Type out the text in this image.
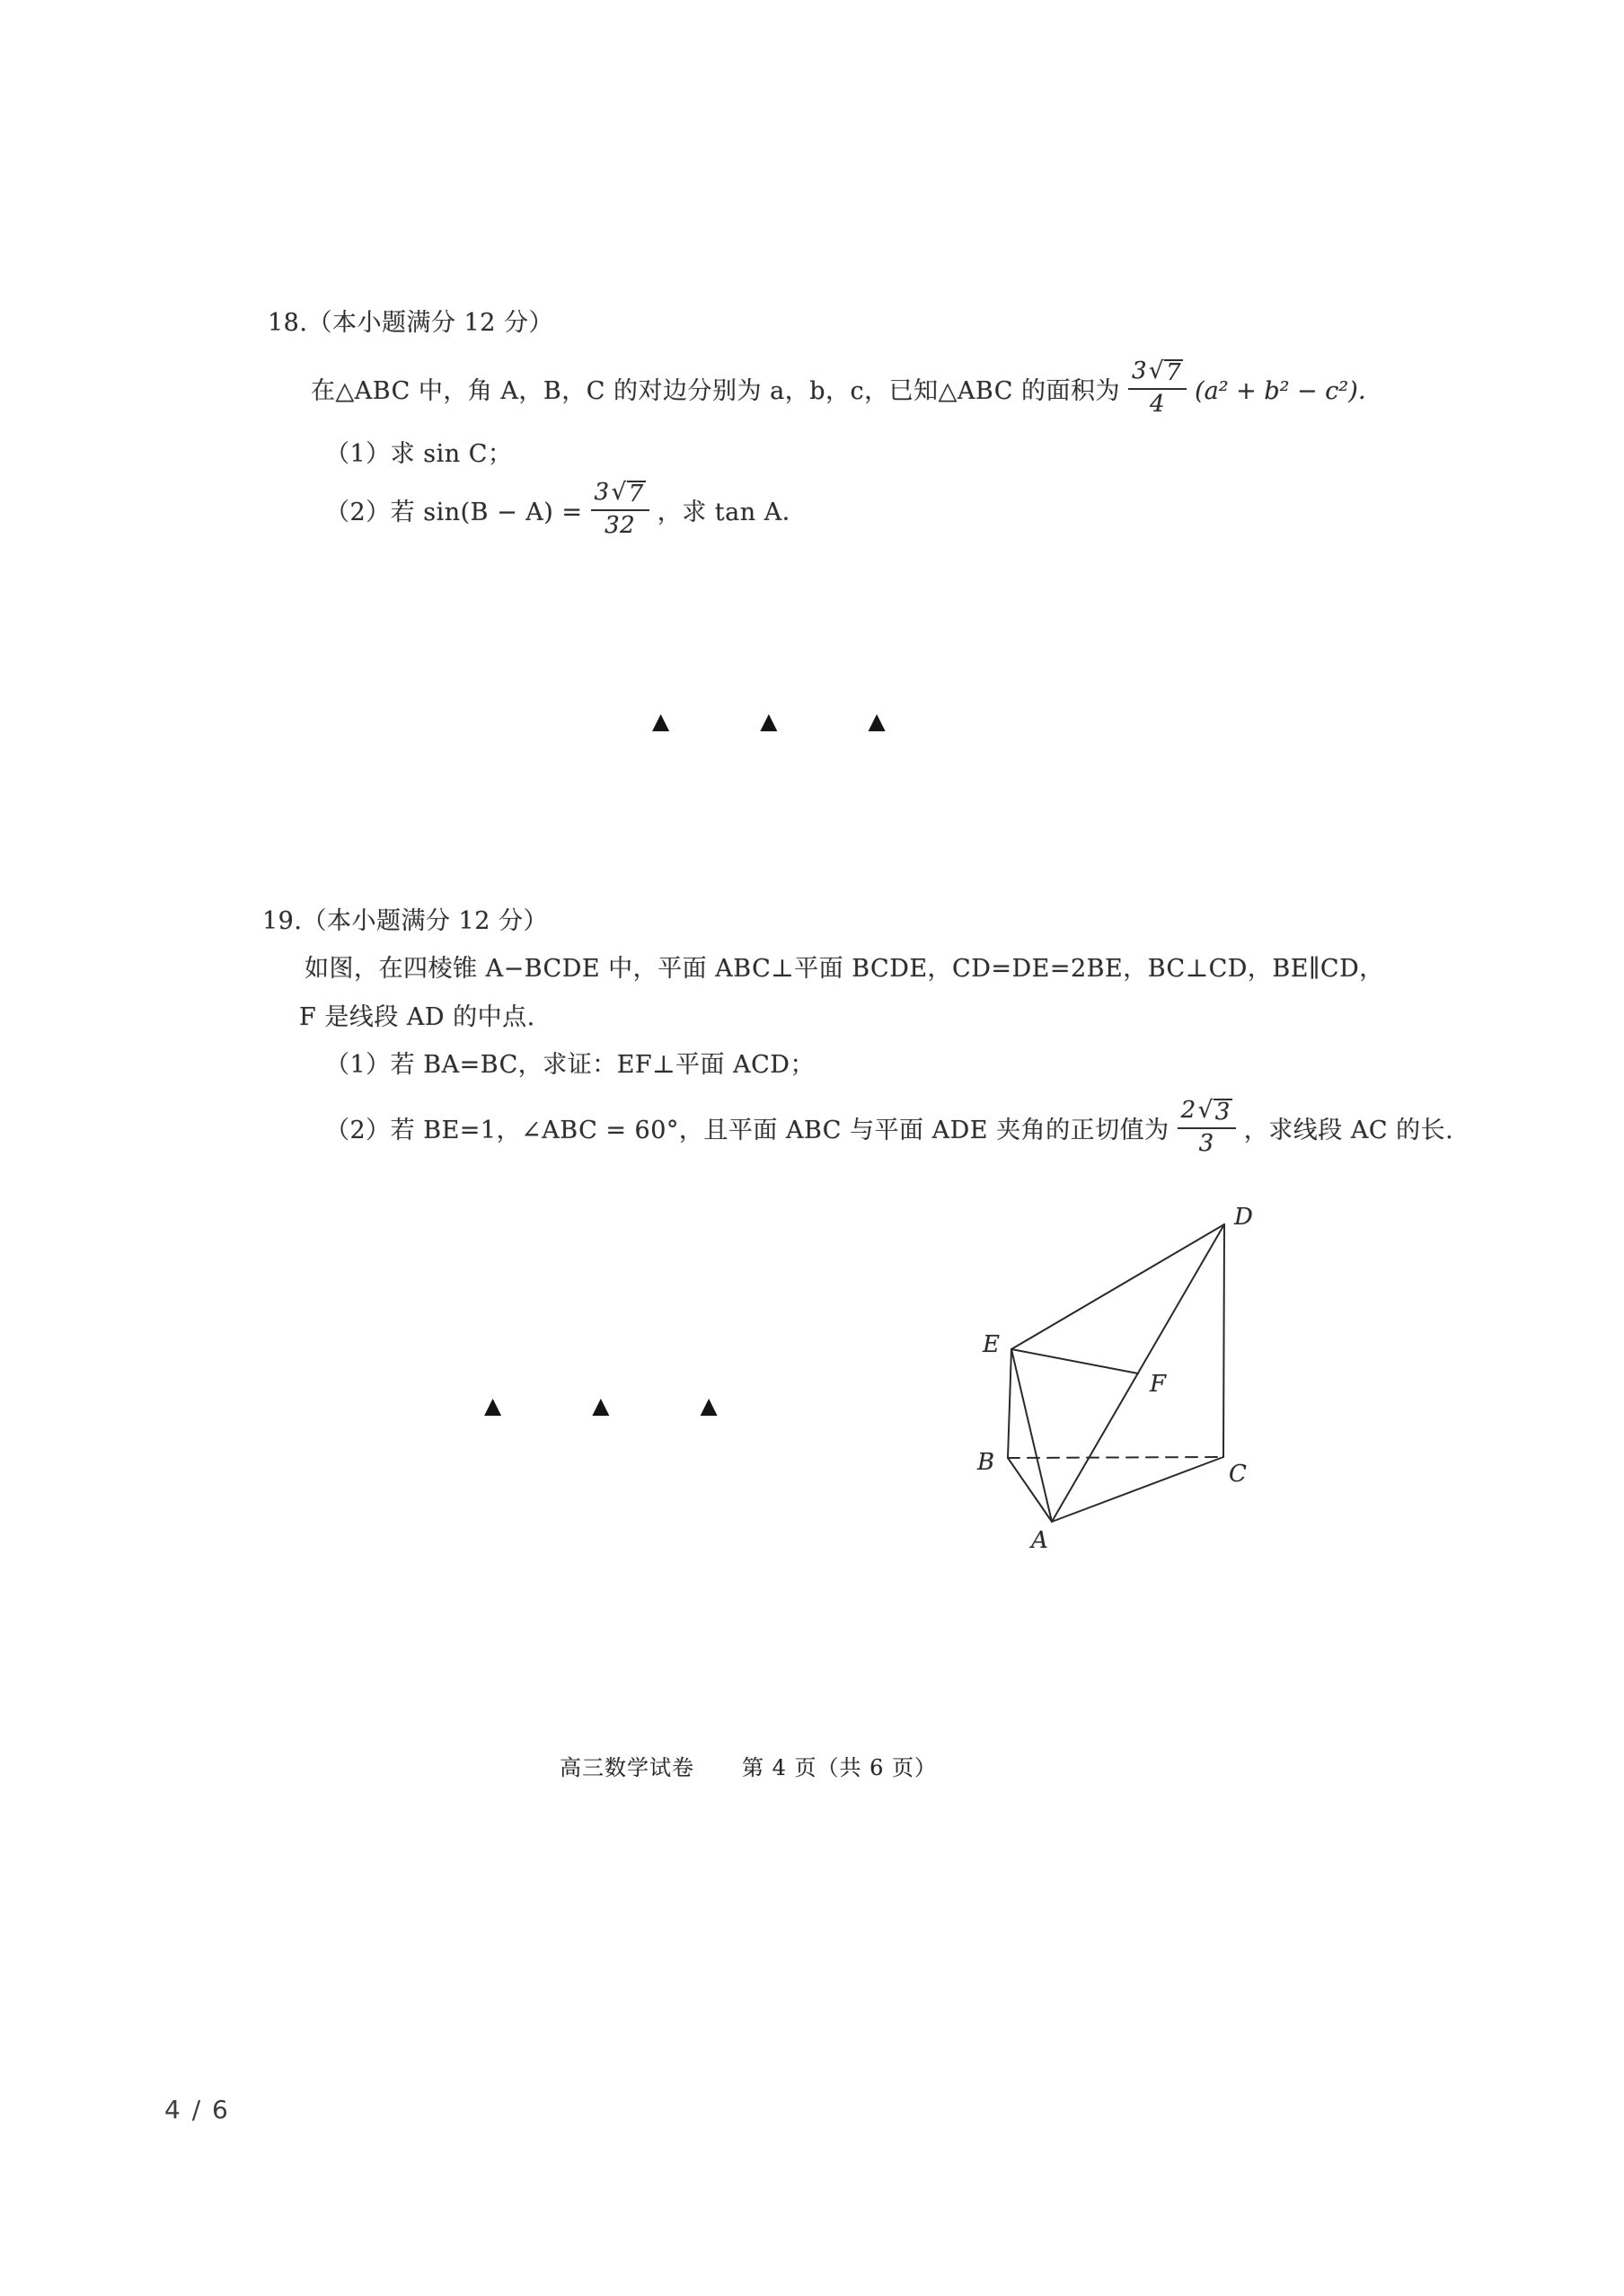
18.（本小题满分 12 分）
在△ABC 中，角 A，B，C 的对边分别为 a，b，c，已知△ABC 的面积为 $\frac{3 √ 7}{4} (a^2 + b^2 - c^2)$．
（1）求 sin C；
（2）若 $\sin(B - A) = \frac{3 √ 7}{32}$ ，求 tan A．
▲	▲	▲
19.（本小题满分 12 分）
如图，在四棱锥 A−BCDE 中，平面 ABC⊥平面 BCDE，CD=DE=2BE，BC⊥CD，BE∥CD，
F 是线段 AD 的中点.
（1）若 BA=BC，求证：EF⊥平面 ACD；
（2）若 BE=1，∠ABC = 60°，且平面 ABC 与平面 ADE 夹角的正切值为 $\frac{2 √ 3}{3}$ ，求线段 AC 的长.
▲	▲	▲
D
E
F
B	C
A
高三数学试卷 第 4 页（共 6 页）
4 / 6
